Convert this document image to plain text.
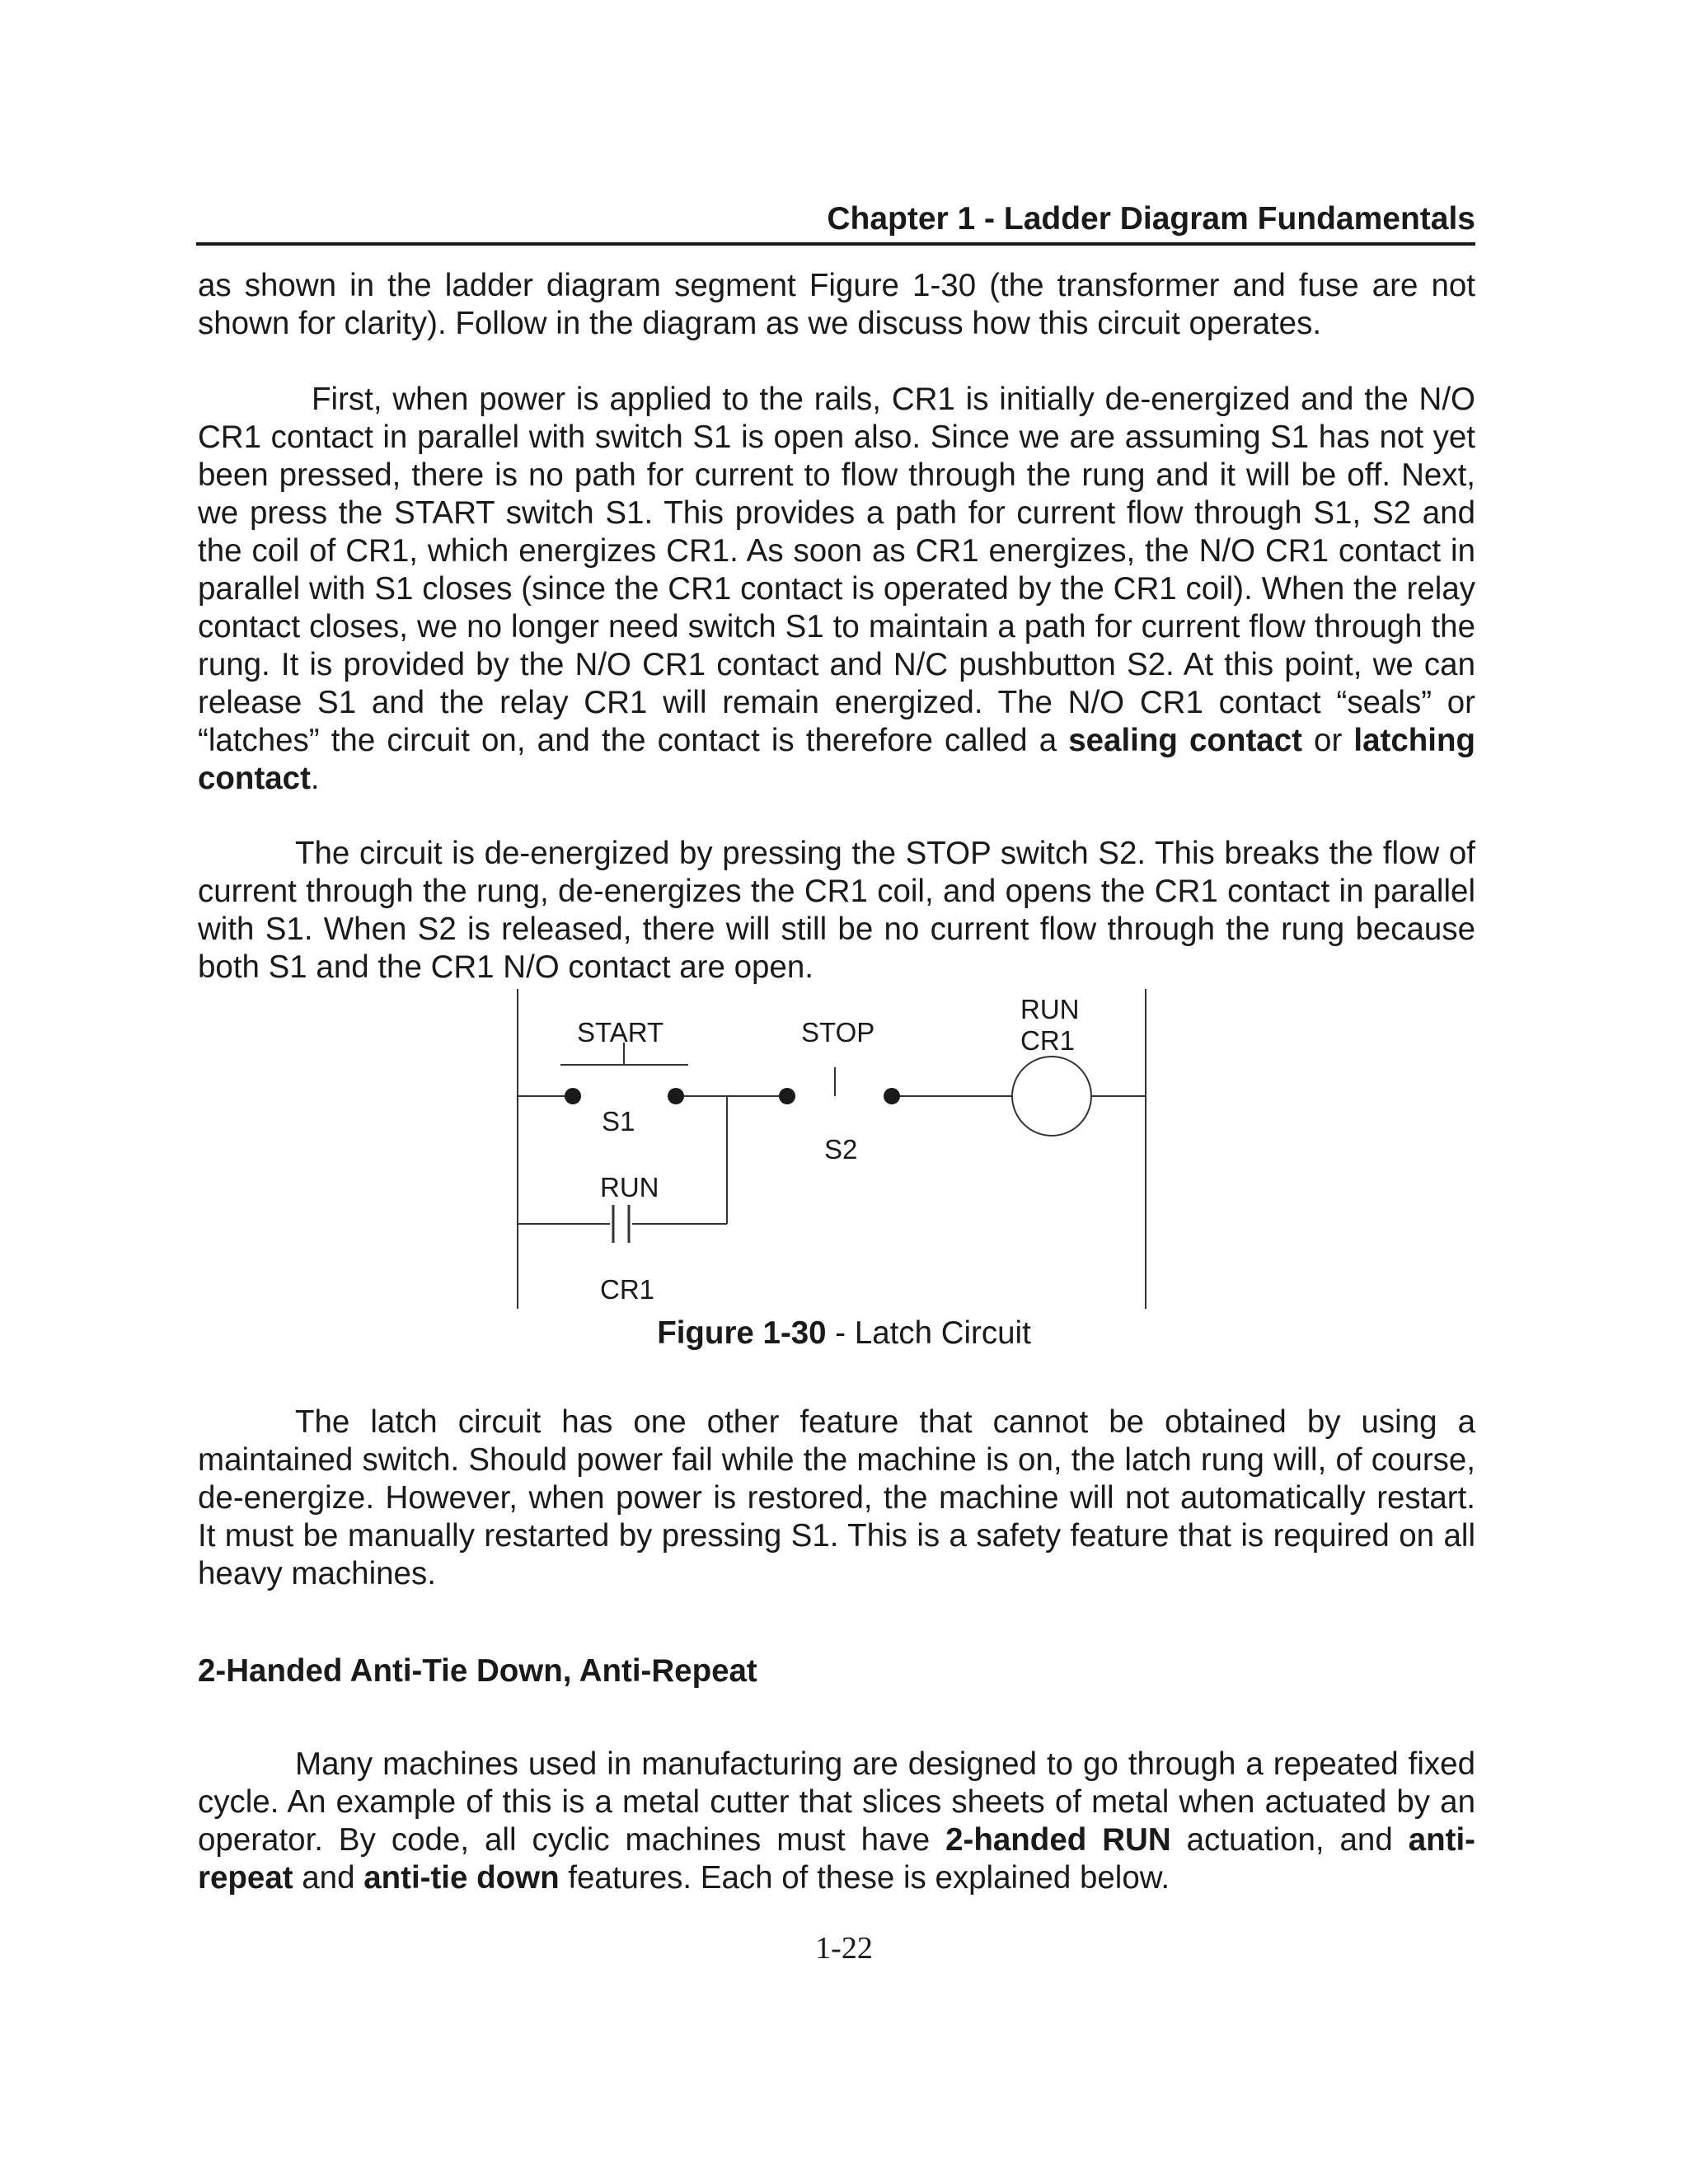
Chapter 1 - Ladder Diagram Fundamentals

as shown in the ladder diagram segment Figure 1-30 (the transformer and fuse are not shown for clarity). Follow in the diagram as we discuss how this circuit operates.

First, when power is applied to the rails, CR1 is initially de-energized and the N/O CR1 contact in parallel with switch S1 is open also. Since we are assuming S1 has not yet been pressed, there is no path for current to flow through the rung and it will be off. Next, we press the START switch S1. This provides a path for current flow through S1, S2 and the coil of CR1, which energizes CR1. As soon as CR1 energizes, the N/O CR1 contact in parallel with S1 closes (since the CR1 contact is operated by the CR1 coil). When the relay contact closes, we no longer need switch S1 to maintain a path for current flow through the rung. It is provided by the N/O CR1 contact and N/C pushbutton S2. At this point, we can release S1 and the relay CR1 will remain energized. The N/O CR1 contact “seals” or “latches” the circuit on, and the contact is therefore called a sealing contact or latching contact.

The circuit is de-energized by pressing the STOP switch S2. This breaks the flow of current through the rung, de-energizes the CR1 coil, and opens the CR1 contact in parallel with S1. When S2 is released, there will still be no current flow through the rung because both S1 and the CR1 N/O contact are open.

START	STOP
RUN
CR1
S1
S2
RUN
CR1
Figure 1-30 - Latch Circuit

The latch circuit has one other feature that cannot be obtained by using a maintained switch. Should power fail while the machine is on, the latch rung will, of course, de-energize. However, when power is restored, the machine will not automatically restart. It must be manually restarted by pressing S1. This is a safety feature that is required on all heavy machines.

2-Handed Anti-Tie Down, Anti-Repeat

Many machines used in manufacturing are designed to go through a repeated fixed cycle. An example of this is a metal cutter that slices sheets of metal when actuated by an operator. By code, all cyclic machines must have 2-handed RUN actuation, and anti-repeat and anti-tie down features. Each of these is explained below.

1-22
